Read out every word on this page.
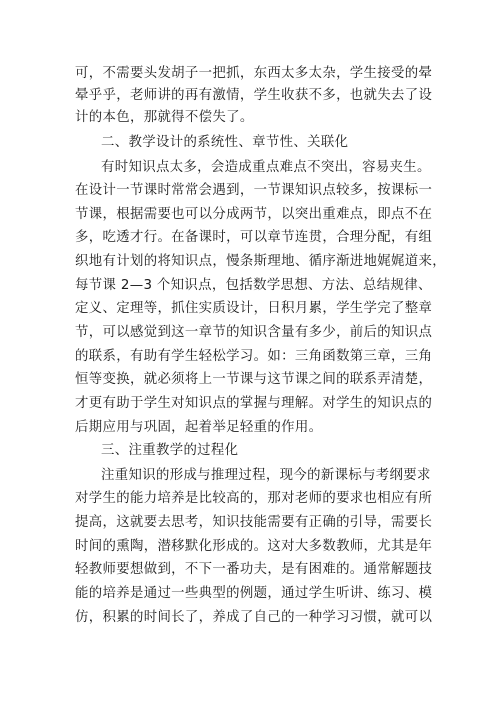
可，不需要头发胡子一把抓，东西太多太杂，学生接受的晕
晕乎乎，老师讲的再有激情，学生收获不多，也就失去了设
计的本色，那就得不偿失了。
二、教学设计的系统性、章节性、关联化
有时知识点太多，会造成重点难点不突出，容易夹生。
在设计一节课时常常会遇到，一节课知识点较多，按课标一
节课，根据需要也可以分成两节，以突出重难点，即点不在
多，吃透才行。在备课时，可以章节连贯，合理分配，有组
织地有计划的将知识点，慢条斯理地、循序渐进地娓娓道来，
每节课 2—3 个知识点，包括数学思想、方法、总结规律、
定义、定理等，抓住实质设计，日积月累，学生学完了整章
节，可以感觉到这一章节的知识含量有多少，前后的知识点
的联系，有助有学生轻松学习。如：三角函数第三章，三角
恒等变换，就必须将上一节课与这节课之间的联系弄清楚，
才更有助于学生对知识点的掌握与理解。对学生的知识点的
后期应用与巩固，起着举足轻重的作用。
三、注重教学的过程化
注重知识的形成与推理过程，现今的新课标与考纲要求
对学生的能力培养是比较高的，那对老师的要求也相应有所
提高，这就要去思考，知识技能需要有正确的引导，需要长
时间的熏陶，潜移默化形成的。这对大多数教师，尤其是年
轻教师要想做到，不下一番功夫，是有困难的。通常解题技
能的培养是通过一些典型的例题，通过学生听讲、练习、模
仿，积累的时间长了，养成了自己的一种学习习惯，就可以
